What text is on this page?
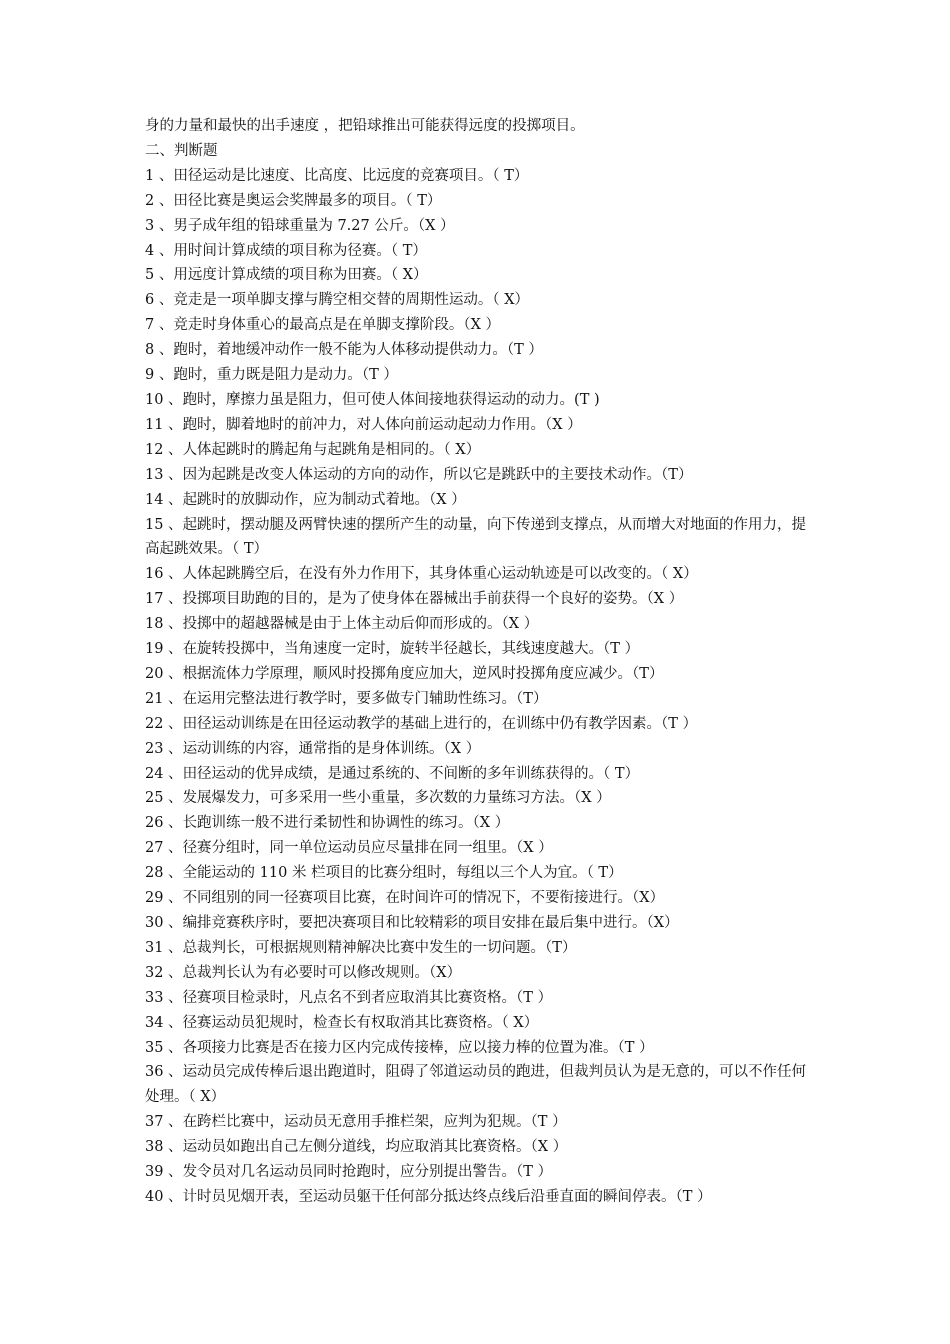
身的力量和最快的出手速度 ，把铅球推出可能获得远度的投掷项目。
二、判断题
1 、 田径运动是比速度、比高度、比远度的竞赛项目。（ T）
2 、 田径比赛是奥运会奖牌最多的项目。（ T）
3 、 男子成年组的铅球重量为 7.27 公斤。（X ）
4 、 用时间计算成绩的项目称为径赛。（ T）
5 、 用远度计算成绩的项目称为田赛。（ X）
6 、 竞走是一项单脚支撑与腾空相交替的周期性运动。（ X）
7 、 竞走时身体重心的最高点是在单脚支撑阶段。（X ）
8 、 跑时，着地缓冲动作一般不能为人体移动提供动力。（T ）
9 、 跑时，重力既是阻力是动力。（T ）
10 、 跑时，摩擦力虽是阻力，但可使人体间接地获得运动的动力。(T )
11 、 跑时，脚着地时的前冲力，对人体向前运动起动力作用。（X ）
12 、 人体起跳时的腾起角与起跳角是相同的。（ X）
13 、 因为起跳是改变人体运动的方向的动作，所以它是跳跃中的主要技术动作。（T）
14 、 起跳时的放脚动作，应为制动式着地。（X ）
15 、起跳时，摆动腿及两臂快速的摆所产生的动量，向下传递到支撑点，从而增大对地面的作用力，提高起跳效果。（ T）
16 、 人体起跳腾空后，在没有外力作用下，其身体重心运动轨迹是可以改变的。（ X）
17 、 投掷项目助跑的目的，是为了使身体在器械出手前获得一个良好的姿势。（X ）
18 、 投掷中的超越器械是由于上体主动后仰而形成的。（X ）
19 、 在旋转投掷中，当角速度一定时，旋转半径越长，其线速度越大。（T ）
20 、 根据流体力学原理，顺风时投掷角度应加大，逆风时投掷角度应减少。（T）
21 、 在运用完整法进行教学时，要多做专门辅助性练习。（T）
22 、 田径运动训练是在田径运动教学的基础上进行的，在训练中仍有教学因素。（T ）
23 、 运动训练的内容，通常指的是身体训练。（X ）
24 、 田径运动的优异成绩，是通过系统的、不间断的多年训练获得的。（ T）
25 、 发展爆发力，可多采用一些小重量，多次数的力量练习方法。（X ）
26 、 长跑训练一般不进行柔韧性和协调性的练习。（X ）
27 、 径赛分组时，同一单位运动员应尽量排在同一组里。（X ）
28 、 全能运动的 110 米 栏项目的比赛分组时，每组以三个人为宜。（ T）
29 、 不同组别的同一径赛项目比赛，在时间许可的情况下，不要衔接进行。（X）
30 、 编排竞赛秩序时，要把决赛项目和比较精彩的项目安排在最后集中进行。（X）
31 、 总裁判长，可根据规则精神解决比赛中发生的一切问题。（T）
32 、 总裁判长认为有必要时可以修改规则。（X）
33 、 径赛项目检录时，凡点名不到者应取消其比赛资格。（T ）
34 、 径赛运动员犯规时，检查长有权取消其比赛资格。（ X）
35 、 各项接力比赛是否在接力区内完成传接棒，应以接力棒的位置为准。（T ）
36 、运动员完成传棒后退出跑道时，阻碍了邻道运动员的跑进，但裁判员认为是无意的，可以不作任何处理。（ X）
37 、 在跨栏比赛中，运动员无意用手推栏架，应判为犯规。（T ）
38 、 运动员如跑出自己左侧分道线，均应取消其比赛资格。（X ）
39 、 发令员对几名运动员同时抢跑时，应分别提出警告。（T ）
40 、 计时员见烟开表，至运动员躯干任何部分抵达终点线后沿垂直面的瞬间停表。（T ）
